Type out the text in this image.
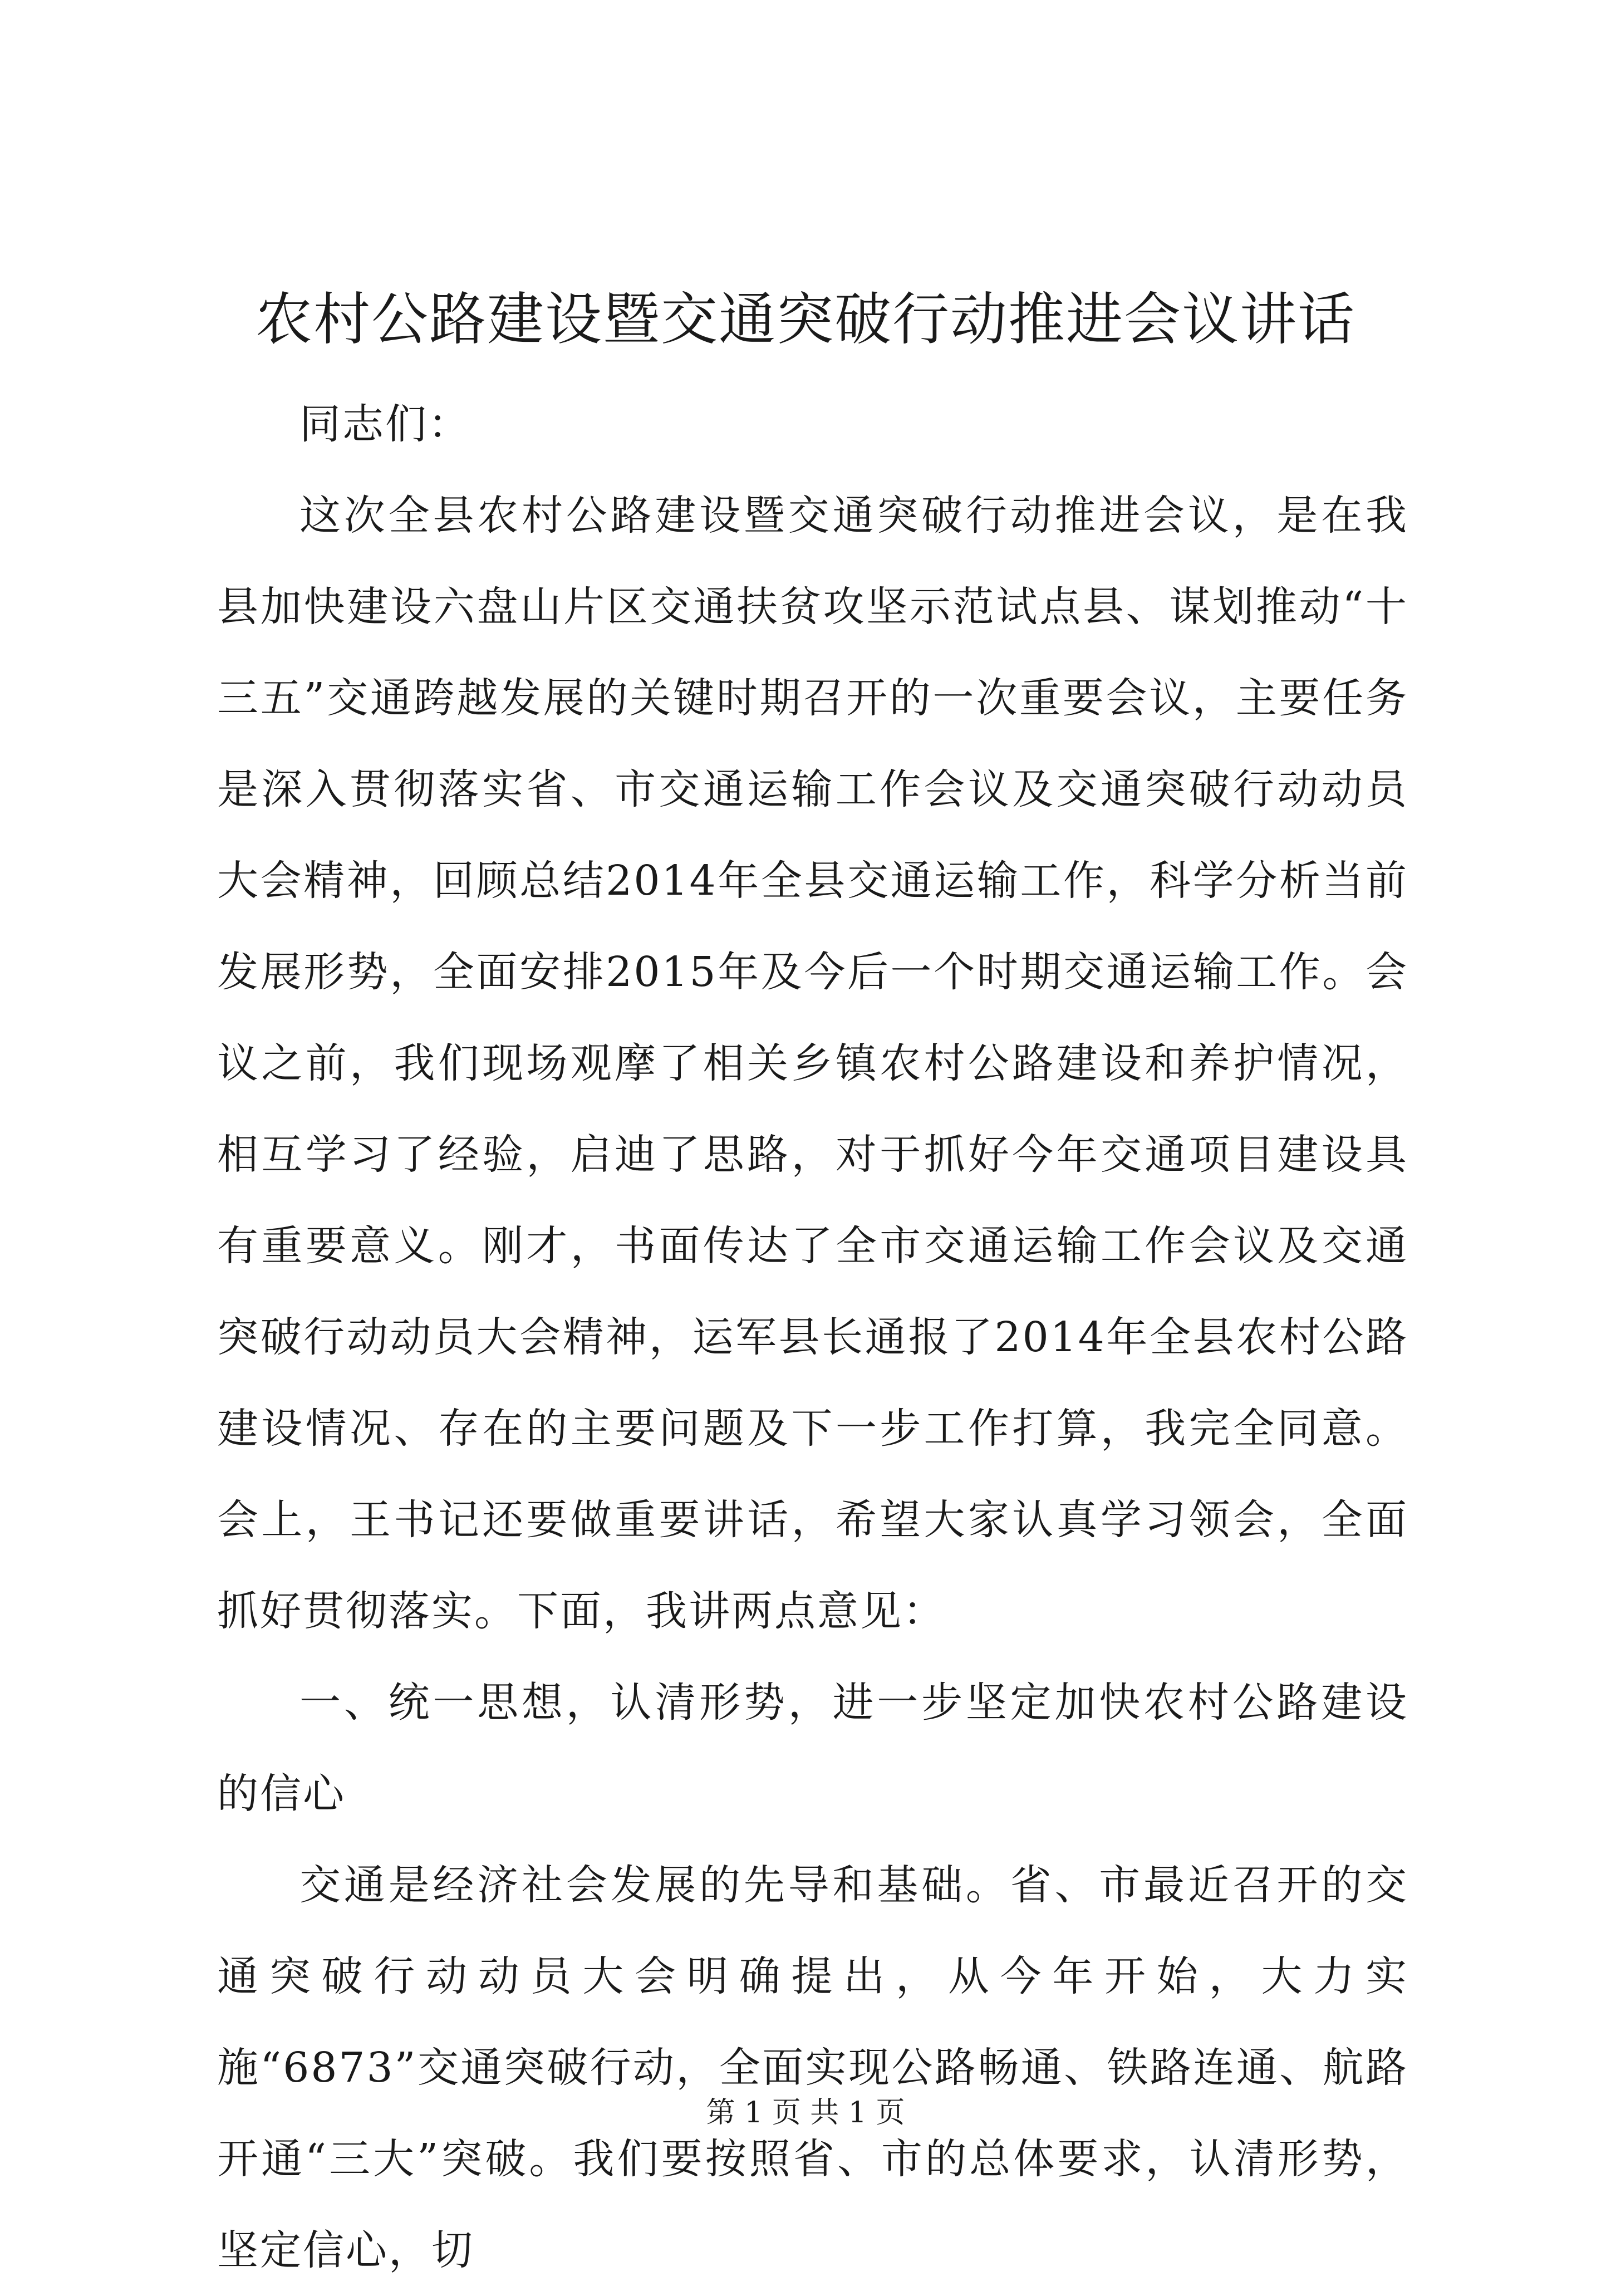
农村公路建设暨交通突破行动推进会议讲话

同志们：

这次全县农村公路建设暨交通突破行动推进会议，是在我县加快建设六盘山片区交通扶贫攻坚示范试点县、谋划推动“十三五”交通跨越发展的关键时期召开的一次重要会议，主要任务是深入贯彻落实省、市交通运输工作会议及交通突破行动动员大会精神，回顾总结2014年全县交通运输工作，科学分析当前发展形势，全面安排2015年及今后一个时期交通运输工作。会议之前，我们现场观摩了相关乡镇农村公路建设和养护情况，相互学习了经验，启迪了思路，对于抓好今年交通项目建设具有重要意义。刚才，书面传达了全市交通运输工作会议及交通突破行动动员大会精神，运军县长通报了2014年全县农村公路建设情况、存在的主要问题及下一步工作打算，我完全同意。会上，王书记还要做重要讲话，希望大家认真学习领会，全面抓好贯彻落实。下面，我讲两点意见：

一、统一思想，认清形势，进一步坚定加快农村公路建设的信心

交通是经济社会发展的先导和基础。省、市最近召开的交通突破行动动员大会明确提出，从今年开始，大力实施“6873”交通突破行动，全面实现公路畅通、铁路连通、航路开通“三大”突破。我们要按照省、市的总体要求，认清形势，坚定信心，切

第 1 页 共 1 页
